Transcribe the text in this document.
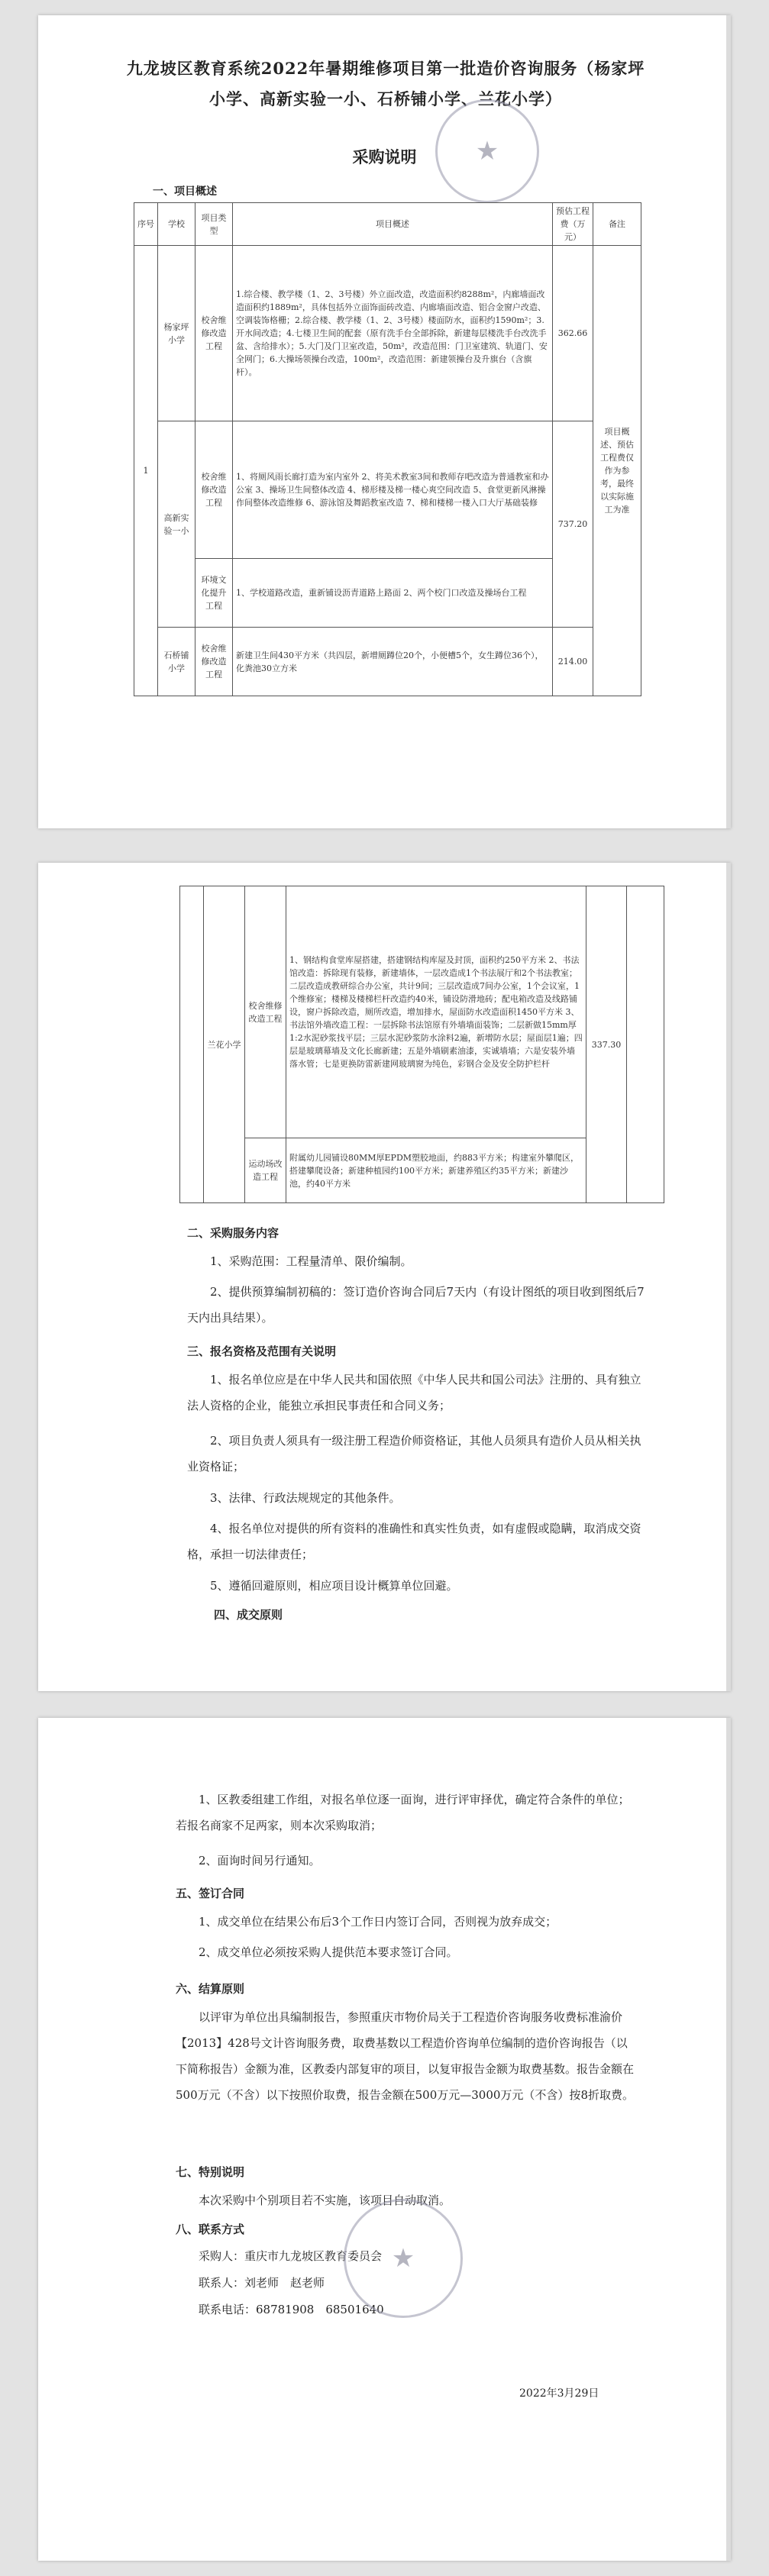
九龙坡区教育系统2022年暑期维修项目第一批造价咨询服务（杨家坪小学、高新实验一小、石桥铺小学、兰花小学）
★
采购说明
一、项目概述
序号	学校	项目类型	项目概述	预估工程费（万元）	备注
1	杨家坪小学	校舍维修改造工程	1.综合楼、教学楼（1、2、3号楼）外立面改造，改造面积约8288m²，内廊墙面改造面积约1889m²，具体包括外立面饰面砖改造、内廊墙面改造、铝合金窗户改造、空调装饰格栅；2.综合楼、教学楼（1、2、3号楼）楼面防水，面积约1590m²；3.开水间改造；4.七楼卫生间的配套（原有洗手台全部拆除，新建每层楼洗手台改洗手盆、含给排水）；5.大门及门卫室改造，50m²，改造范围：门卫室建筑、轨道门、安全网门；6.大操场领操台改造，100m²，改造范围：新建领操台及升旗台（含旗杆）。	362.66	项目概述、预估工程费仅作为参考，最终以实际施工为准
	高新实验一小	校舍维修改造工程	1、将厕风雨长廊打造为室内室外 2、将美术教室3间和教师存吧改造为普通教室和办公室 3、操场卫生间整体改造 4、梯形楼及梯一楼心爽空间改造 5、食堂更新风淋操作间整体改造维修 6、游泳馆及舞蹈教室改造 7、梯和楼梯一楼入口大厅基础装修	737.20	
		环境文化提升工程	1、学校道路改造，重新铺设沥青道路上路面 2、两个校门口改造及操场台工程		
	石桥铺小学	校舍维修改造工程	新建卫生间430平方米（共四层，新增厕蹲位20个，小便槽5个，女生蹲位36个），化粪池30立方米	214.00	
	兰花小学	校舍维修改造工程	1、钢结构食堂库屋搭建，搭建钢结构库屋及封顶，面积约250平方米 2、书法馆改造：拆除现有装修，新建墙体，一层改造成1个书法展厅和2个书法教室；二层改造成教研综合办公室，共计9间；三层改造成7间办公室，1个会议室，1个维修室；楼梯及楼梯栏杆改造约40米，铺设防滑地砖；配电箱改造及线路铺设，窗户拆除改造，厕所改造，增加排水，屋面防水改造面积1450平方米 3、书法馆外墙改造工程：一层拆除书法馆原有外墙墙面装饰；二层新做15mm厚1:2水泥砂浆找平层；三层水泥砂浆防水涂料2遍，新增防水层；屋面层1遍；四层是玻璃幕墙及文化长廊新建；五是外墙刷素油漆，实诚墙墙；六是安装外墙落水管；七是更换防雷新建网玻璃窗为纯色，彩钢合金及安全防护栏杆	337.30	
		运动场改造工程	附属幼儿园铺设80MM厚EPDM塑胶地面，约883平方米；构建室外攀爬区，搭建攀爬设备；新建种植园约100平方米；新建养殖区约35平方米；新建沙池，约40平方米		
二、采购服务内容
1、采购范围：工程量清单、限价编制。
2、提供预算编制初稿的：签订造价咨询合同后7天内（有设计图纸的项目收到图纸后7天内出具结果）。
三、报名资格及范围有关说明
1、报名单位应是在中华人民共和国依照《中华人民共和国公司法》注册的、具有独立法人资格的企业，能独立承担民事责任和合同义务；
2、项目负责人须具有一级注册工程造价师资格证，其他人员须具有造价人员从相关执业资格证；
3、法律、行政法规规定的其他条件。
4、报名单位对提供的所有资料的准确性和真实性负责，如有虚假或隐瞒，取消成交资格，承担一切法律责任；
5、遵循回避原则，相应项目设计概算单位回避。
四、成交原则
1、区教委组建工作组，对报名单位逐一面询，进行评审择优，确定符合条件的单位；若报名商家不足两家，则本次采购取消；
2、面询时间另行通知。
五、签订合同
1、成交单位在结果公布后3个工作日内签订合同，否则视为放弃成交；
2、成交单位必须按采购人提供范本要求签订合同。
六、结算原则
以评审为单位出具编制报告，参照重庆市物价局关于工程造价咨询服务收费标准渝价【2013】428号文计咨询服务费，取费基数以工程造价咨询单位编制的造价咨询报告（以下简称报告）金额为准，区教委内部复审的项目，以复审报告金额为取费基数。报告金额在500万元（不含）以下按照价取费，报告金额在500万元—3000万元（不含）按8折取费。
七、特别说明
本次采购中个别项目若不实施，该项目自动取消。
八、联系方式
采购人：重庆市九龙坡区教育委员会
联系人：刘老师　赵老师
联系电话：68781908　68501640
★
2022年3月29日
